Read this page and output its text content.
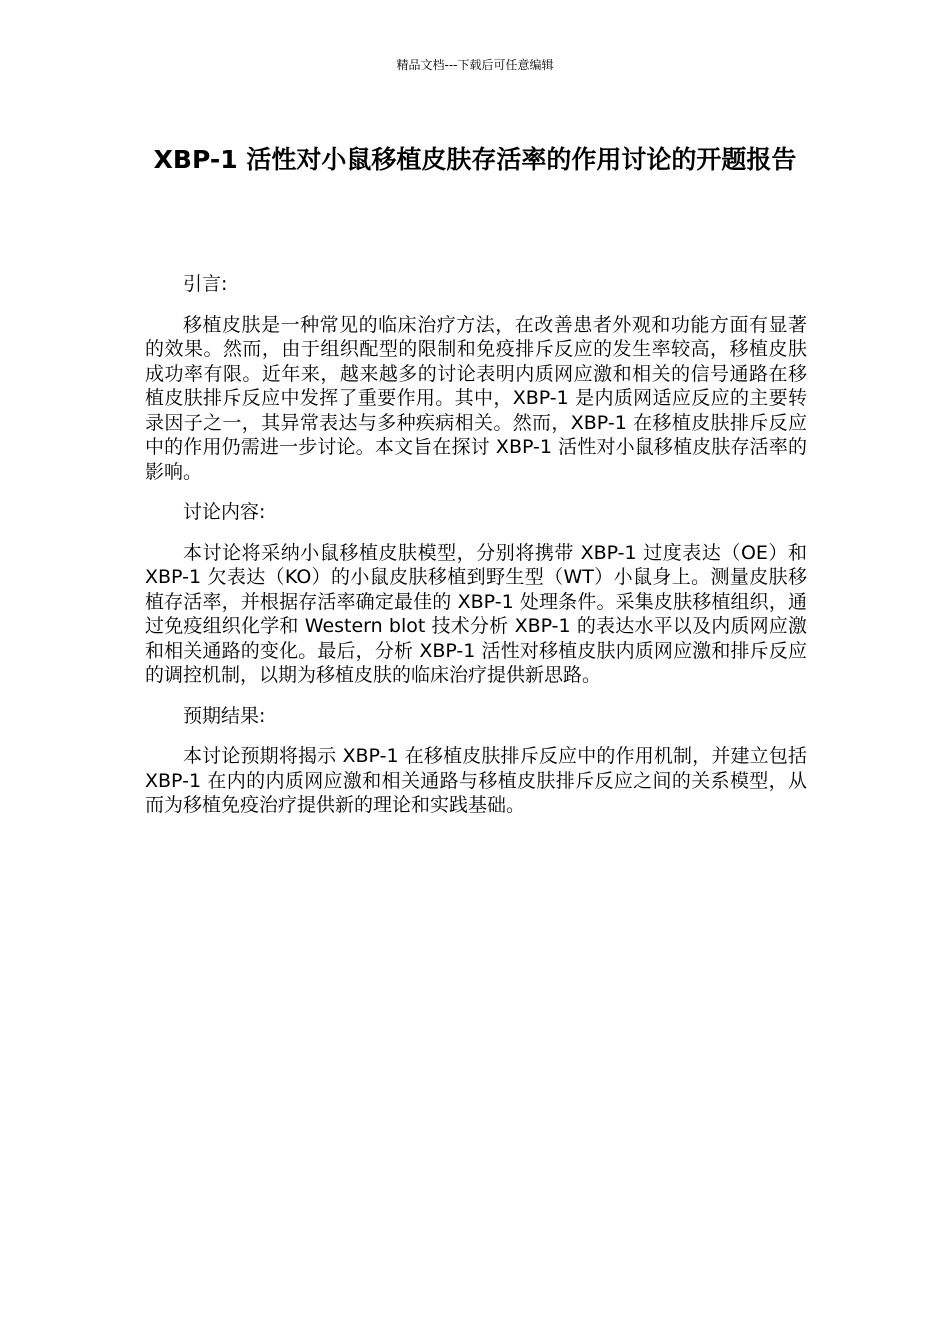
精品文档---下载后可任意编辑
XBP-1 活性对小鼠移植皮肤存活率的作用讨论的开题报告

引言:

移植皮肤是一种常见的临床治疗方法，在改善患者外观和功能方面有显著的效果。然而，由于组织配型的限制和免疫排斥反应的发生率较高，移植皮肤成功率有限。近年来，越来越多的讨论表明内质网应激和相关的信号通路在移植皮肤排斥反应中发挥了重要作用。其中，XBP-1 是内质网适应反应的主要转录因子之一，其异常表达与多种疾病相关。然而，XBP-1 在移植皮肤排斥反应中的作用仍需进一步讨论。本文旨在探讨 XBP-1 活性对小鼠移植皮肤存活率的影响。

讨论内容:

本讨论将采纳小鼠移植皮肤模型，分别将携带 XBP-1 过度表达（OE）和 XBP-1 欠表达（KO）的小鼠皮肤移植到野生型（WT）小鼠身上。测量皮肤移植存活率，并根据存活率确定最佳的 XBP-1 处理条件。采集皮肤移植组织，通过免疫组织化学和 Western blot 技术分析 XBP-1 的表达水平以及内质网应激和相关通路的变化。最后，分析 XBP-1 活性对移植皮肤内质网应激和排斥反应的调控机制，以期为移植皮肤的临床治疗提供新思路。

预期结果:

本讨论预期将揭示 XBP-1 在移植皮肤排斥反应中的作用机制，并建立包括 XBP-1 在内的内质网应激和相关通路与移植皮肤排斥反应之间的关系模型，从而为移植免疫治疗提供新的理论和实践基础。
